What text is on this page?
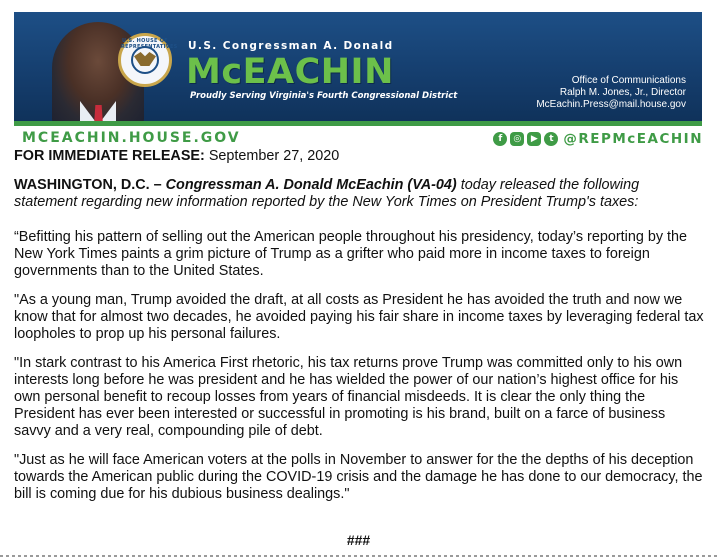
U.S. HOUSE OF REPRESENTATIVES U.S. Congressman A. Donald
McEACHIN
Proudly Serving Virginia's Fourth Congressional District
Office of Communications
Ralph M. Jones, Jr., Director
McEachin.Press@mail.house.gov
MCEACHIN.HOUSE.GOV	f	◎	▶	t @REPMcEACHIN

FOR IMMEDIATE RELEASE: September 27, 2020

WASHINGTON, D.C. – Congressman A. Donald McEachin (VA-04) today released the following statement regarding new information reported by the New York Times on President Trump's taxes:

“Befitting his pattern of selling out the American people throughout his presidency, today’s reporting by the New York Times paints a grim picture of Trump as a grifter who paid more in income taxes to foreign governments than to the United States.

"As a young man, Trump avoided the draft, at all costs as President he has avoided the truth and now we know that for almost two decades, he avoided paying his fair share in income taxes by leveraging federal tax loopholes to prop up his personal failures.

"In stark contrast to his America First rhetoric, his tax returns prove Trump was committed only to his own interests long before he was president and he has wielded the power of our nation’s highest office for his own personal benefit to recoup losses from years of financial misdeeds. It is clear the only thing the President has ever been interested or successful in promoting is his brand, built on a farce of business savvy and a very real, compounding pile of debt.

"Just as he will face American voters at the polls in November to answer for the the depths of his deception towards the American public during the COVID-19 crisis and the damage he has done to our democracy, the bill is coming due for his dubious business dealings."

###
